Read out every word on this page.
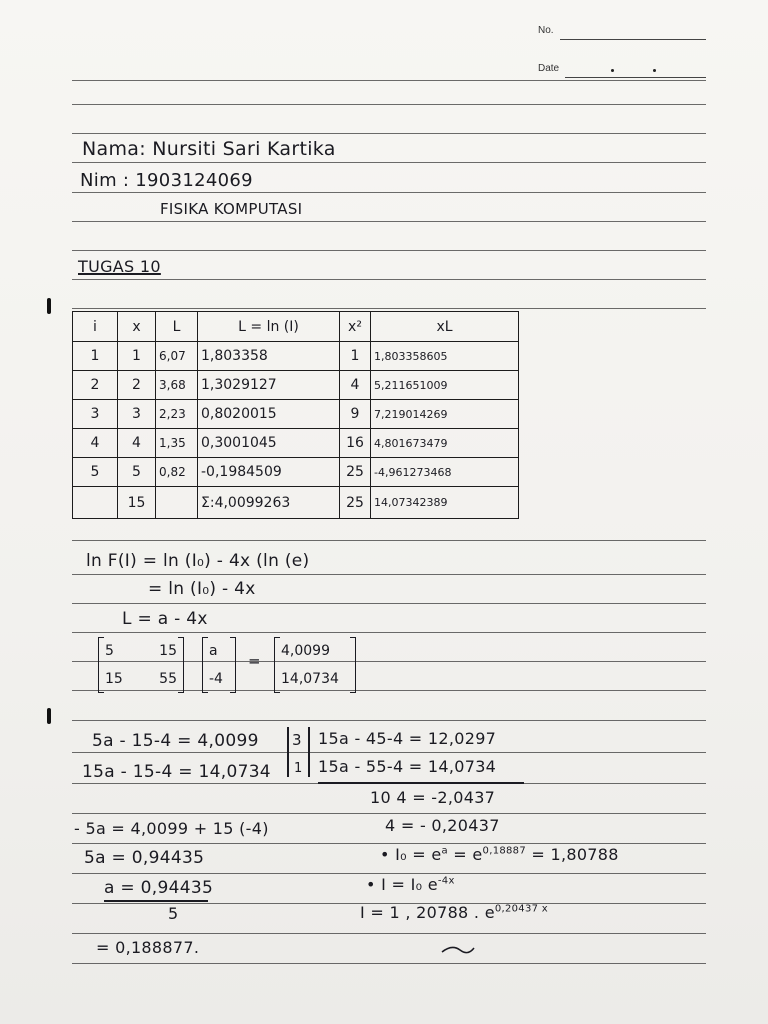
No.
Date
Nama: Nursiti Sari Kartika
Nim : 1903124069
FISIKA KOMPUTASI
TUGAS 10
i	x	L	L = ln (I)	x²	xL
1	1	6,07	1,803358	1	1,803358605
2	2	3,68	1,3029127	4	5,211651009
3	3	2,23	0,8020015	9	7,219014269
4	4	1,35	0,3001045	16	4,801673479
5	5	0,82	-0,1984509	25	-4,961273468
	15		Σ:4,0099263	25	14,07342389
ln F(I) = ln (I₀) - 4x (ln (e)
= ln (I₀) - 4x
L = a - 4x
5	15
15	55
a
-4
=
4,0099
14,0734
5a - 15-4 = 4,0099
15a - 15-4 = 14,0734
3
1
15a - 45-4 = 12,0297
15a - 55-4 = 14,0734
10 4 = -2,0437
4 = - 0,20437
- 5a = 4,0099 + 15 (-4)
5a = 0,94435
a = 0,94435
5
= 0,188877.
• $I_0 = e^a = e^{0,18887} = 1,80788$
• I = I₀ $e^{-4x}$
I = 1 , 20788 . $e^{0,20437 x}$
